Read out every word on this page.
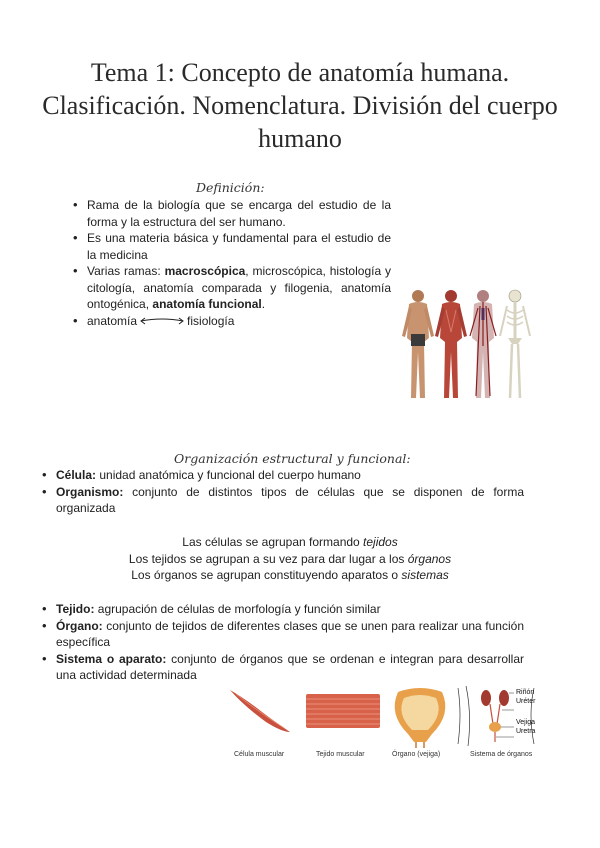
Tema 1: Concepto de anatomía humana. Clasificación. Nomenclatura. División del cuerpo humano
Definición:
• Rama de la biología que se encarga del estudio de la forma y la estructura del ser humano.
• Es una materia básica y fundamental para el estudio de la medicina
• Varias ramas: macroscópica, microscópica, histología y citología, anatomía comparada y filogenia, anatomía ontogénica, anatomía funcional.
• anatomía	fisiología
Organización estructural y funcional:
• Célula: unidad anatómica y funcional del cuerpo humano
• Organismo: conjunto de distintos tipos de células que se disponen de forma organizada

Las células se agrupan formando tejidos

Los tejidos se agrupan a su vez para dar lugar a los órganos

Los órganos se agrupan constituyendo aparatos o sistemas

• Tejido: agrupación de células de morfología y función similar
• Órgano: conjunto de tejidos de diferentes clases que se unen para realizar una función específica
• Sistema o aparato: conjunto de órganos que se ordenan e integran para desarrollar una actividad determinada
Riñón
Uréter
Vejiga
Uretra
Célula muscular	Tejido muscular	Órgano (vejiga)	Sistema de órganos
